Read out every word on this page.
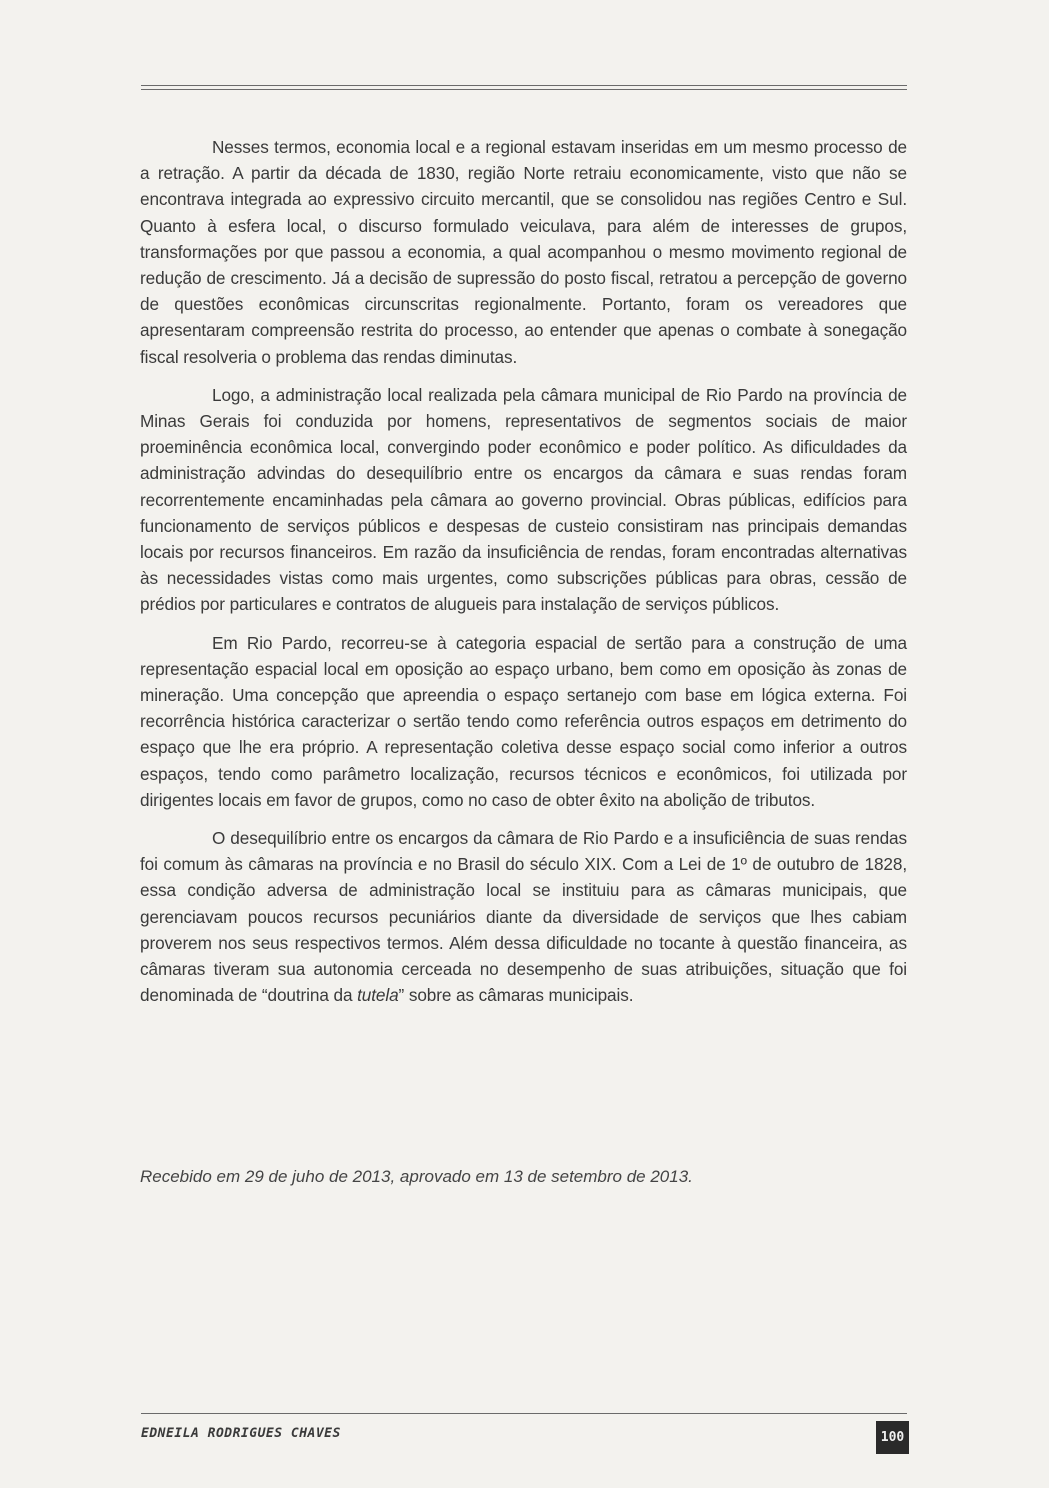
Nesses termos, economia local e a regional estavam inseridas em um mesmo processo de a retração. A partir da década de 1830, região Norte retraiu economicamente, visto que não se encontrava integrada ao expressivo circuito mercantil, que se consolidou nas regiões Centro e Sul. Quanto à esfera local, o discurso formulado veiculava, para além de interesses de grupos, transformações por que passou a economia, a qual acompanhou o mesmo movimento regional de redução de crescimento. Já a decisão de supressão do posto fiscal, retratou a percepção de governo de questões econômicas circunscritas regionalmente. Portanto, foram os vereadores que apresentaram compreensão restrita do processo, ao entender que apenas o combate à sonegação fiscal resolveria o problema das rendas diminutas.

Logo, a administração local realizada pela câmara municipal de Rio Pardo na província de Minas Gerais foi conduzida por homens, representativos de segmentos sociais de maior proeminência econômica local, convergindo poder econômico e poder político. As dificuldades da administração advindas do desequilíbrio entre os encargos da câmara e suas rendas foram recorrentemente encaminhadas pela câmara ao governo provincial. Obras públicas, edifícios para funcionamento de serviços públicos e despesas de custeio consistiram nas principais demandas locais por recursos financeiros. Em razão da insuficiência de rendas, foram encontradas alternativas às necessidades vistas como mais urgentes, como subscrições públicas para obras, cessão de prédios por particulares e contratos de alugueis para instalação de serviços públicos.

Em Rio Pardo, recorreu-se à categoria espacial de sertão para a construção de uma representação espacial local em oposição ao espaço urbano, bem como em oposição às zonas de mineração. Uma concepção que apreendia o espaço sertanejo com base em lógica externa. Foi recorrência histórica caracterizar o sertão tendo como referência outros espaços em detrimento do espaço que lhe era próprio. A representação coletiva desse espaço social como inferior a outros espaços, tendo como parâmetro localização, recursos técnicos e econômicos, foi utilizada por dirigentes locais em favor de grupos, como no caso de obter êxito na abolição de tributos.

O desequilíbrio entre os encargos da câmara de Rio Pardo e a insuficiência de suas rendas foi comum às câmaras na província e no Brasil do século XIX. Com a Lei de 1º de outubro de 1828, essa condição adversa de administração local se instituiu para as câmaras municipais, que gerenciavam poucos recursos pecuniários diante da diversidade de serviços que lhes cabiam proverem nos seus respectivos termos. Além dessa dificuldade no tocante à questão financeira, as câmaras tiveram sua autonomia cerceada no desempenho de suas atribuições, situação que foi denominada de “doutrina da tutela” sobre as câmaras municipais.

Recebido em 29 de juho de 2013, aprovado em 13 de setembro de 2013.
EDNEILA RODRIGUES CHAVES	100
